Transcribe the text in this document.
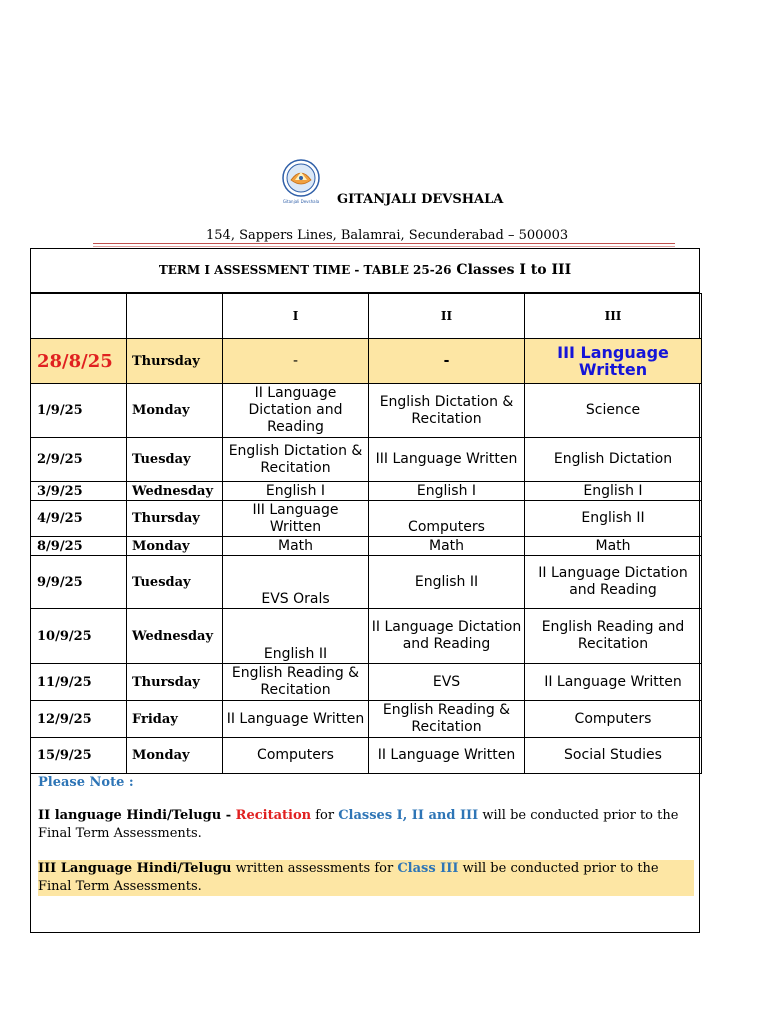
Gitanjali Devshala GITANJALI DEVSHALA
154, Sappers Lines, Balamrai, Secunderabad – 500003
TERM I ASSESSMENT TIME - TABLE 25-26 Classes I to III
		I	II	III
28/8/25	Thursday	-	-	III Language Written
1/9/25	Monday	II Language Dictation and Reading	English Dictation & Recitation	Science
2/9/25	Tuesday	English Dictation & Recitation	III Language Written	English Dictation
3/9/25	Wednesday	English I	English I	English I
4/9/25	Thursday	III Language Written	Computers	English II
8/9/25	Monday	Math	Math	Math
9/9/25	Tuesday	EVS Orals	English II	II Language Dictation and Reading
10/9/25	Wednesday	English II	II Language Dictation and Reading	English Reading and Recitation
11/9/25	Thursday	English Reading & Recitation	EVS	II Language Written
12/9/25	Friday	II Language Written	English Reading & Recitation	Computers
15/9/25	Monday	Computers	II Language Written	Social Studies

Please Note :

II language Hindi/Telugu - Recitation for Classes I, II and III will be conducted prior to the Final Term Assessments.

III Language Hindi/Telugu written assessments for Class III will be conducted prior to the Final Term Assessments.
